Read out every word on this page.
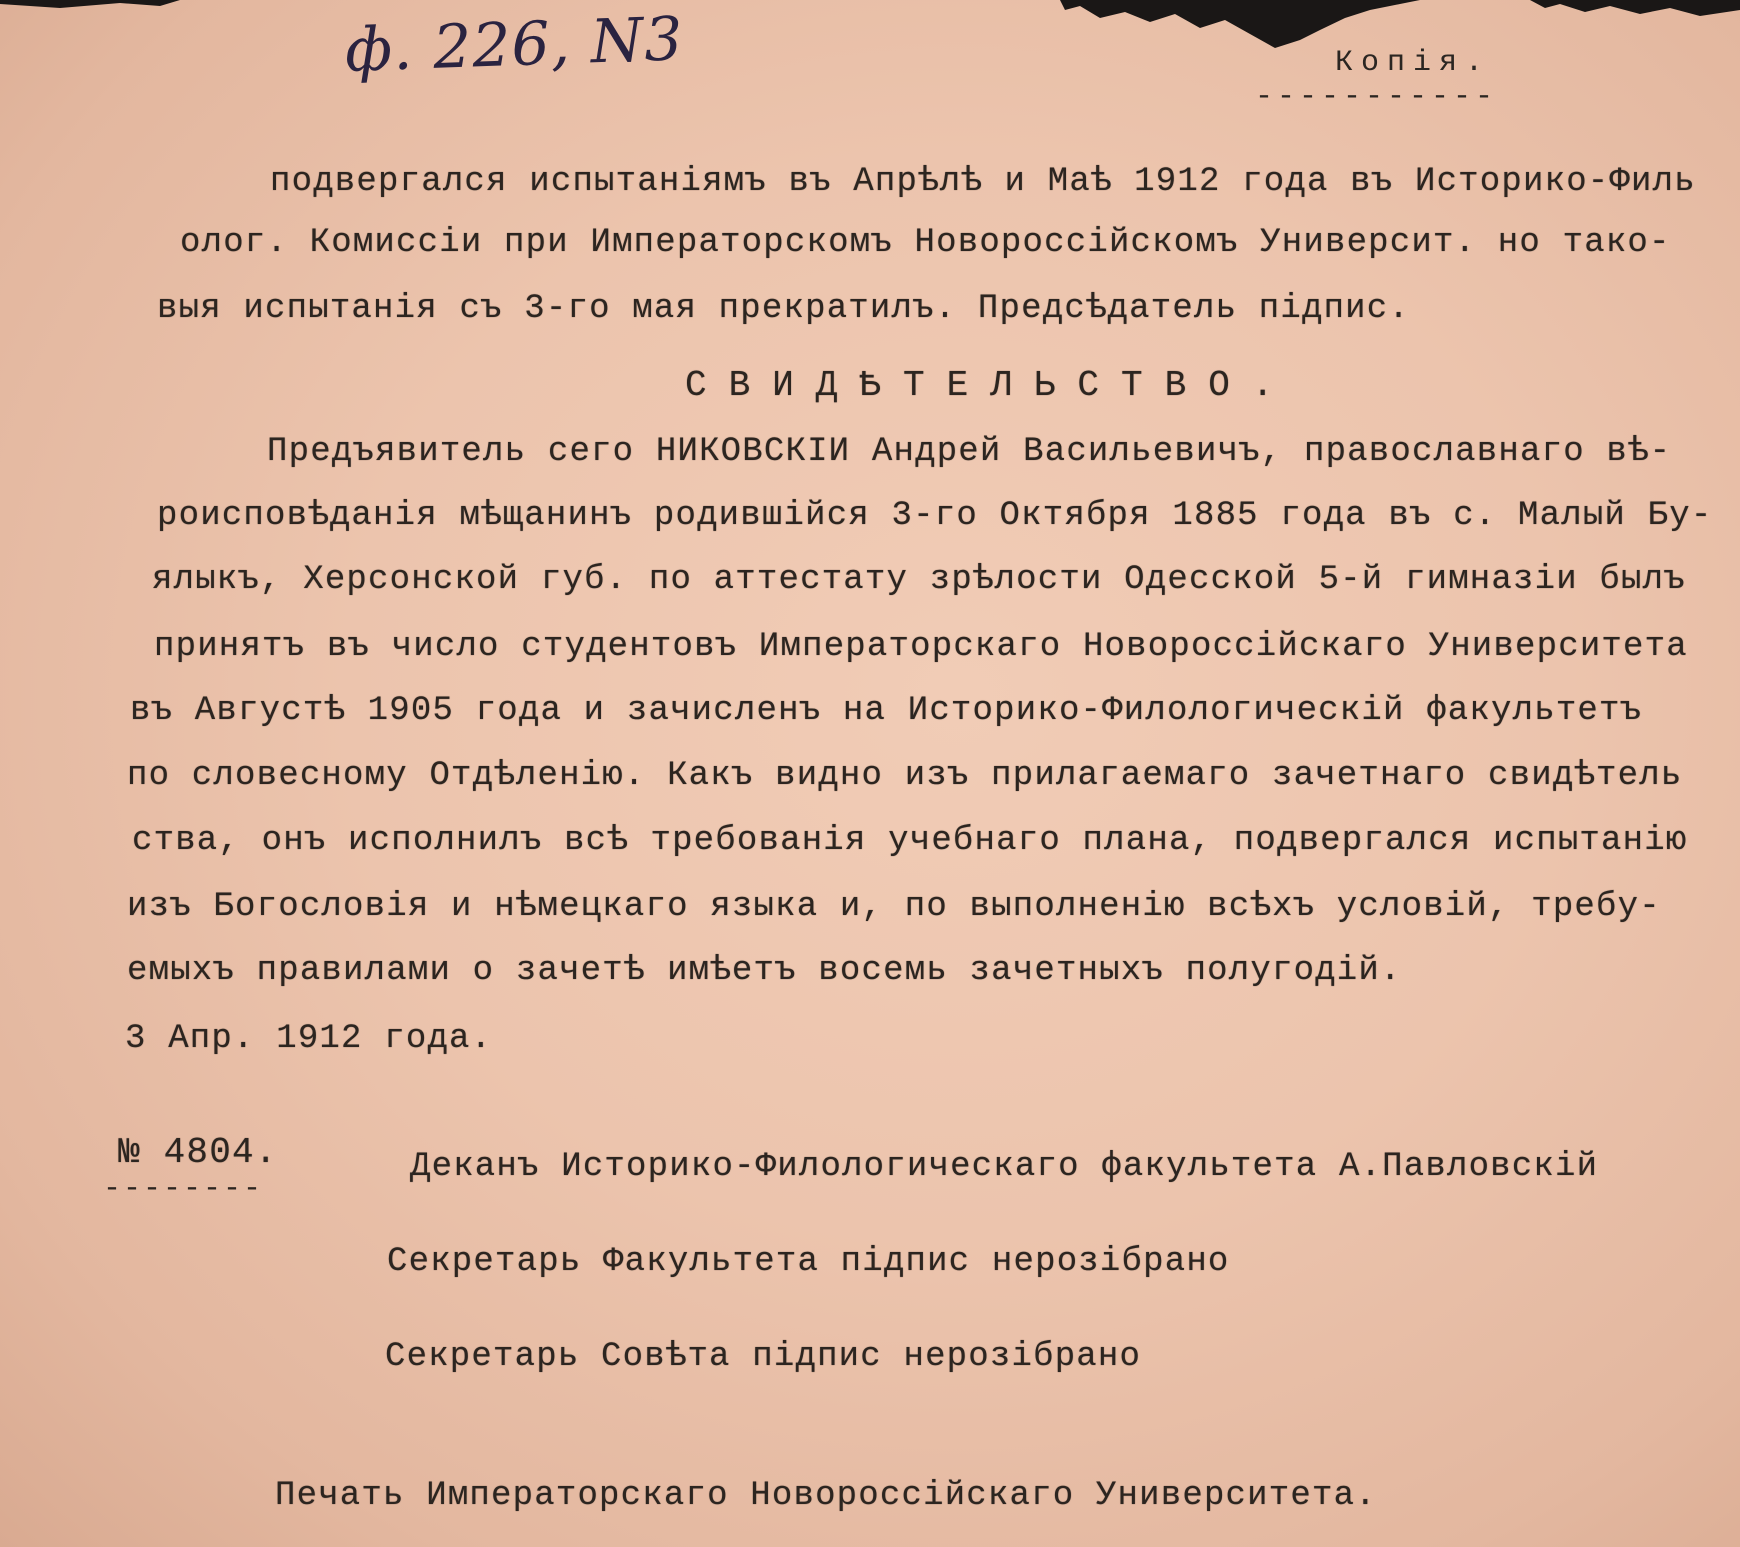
ф. 226, N3	Копія.
-----------
подвергался испытаніямъ въ Апрѣлѣ и Маѣ 1912 года въ Историко-Филь
олог. Комиссіи при Императорскомъ Новороссійскомъ Университ. но тако-
выя испытанія съ 3-го мая прекратилъ. Предсѣдатель підпис.
СВИДѢТЕЛЬСТВО.
Предъявитель сего НИКОВСКІИ Андрей Васильевичъ, православнаго вѣ-
роисповѣданія мѣщанинъ родившійся 3-го Октября 1885 года въ с. Малый Бу-
ялыкъ, Херсонской губ. по аттестату зрѣлости Одесской 5-й гимназіи былъ
принятъ въ число студентовъ Императорскаго Новороссійскаго Университета
въ Августѣ 1905 года и зачисленъ на Историко-Филологическій факультетъ
по словесному Отдѣленію. Какъ видно изъ прилагаемаго зачетнаго свидѣтель
ства, онъ исполнилъ всѣ требованія учебнаго плана, подвергался испытанію
изъ Богословія и нѣмецкаго языка и, по выполненію всѣхъ условій, требу-
емыхъ правилами о зачетѣ имѣетъ восемь зачетныхъ полугодій.
3 Апр. 1912 года.
№ 4804.
--------
Деканъ Историко-Филологическаго факультета А.Павловскій
Секретарь Факультета підпис нерозібрано
Секретарь Совѣта підпис нерозібрано
Печать Императорскаго Новороссійскаго Университета.
